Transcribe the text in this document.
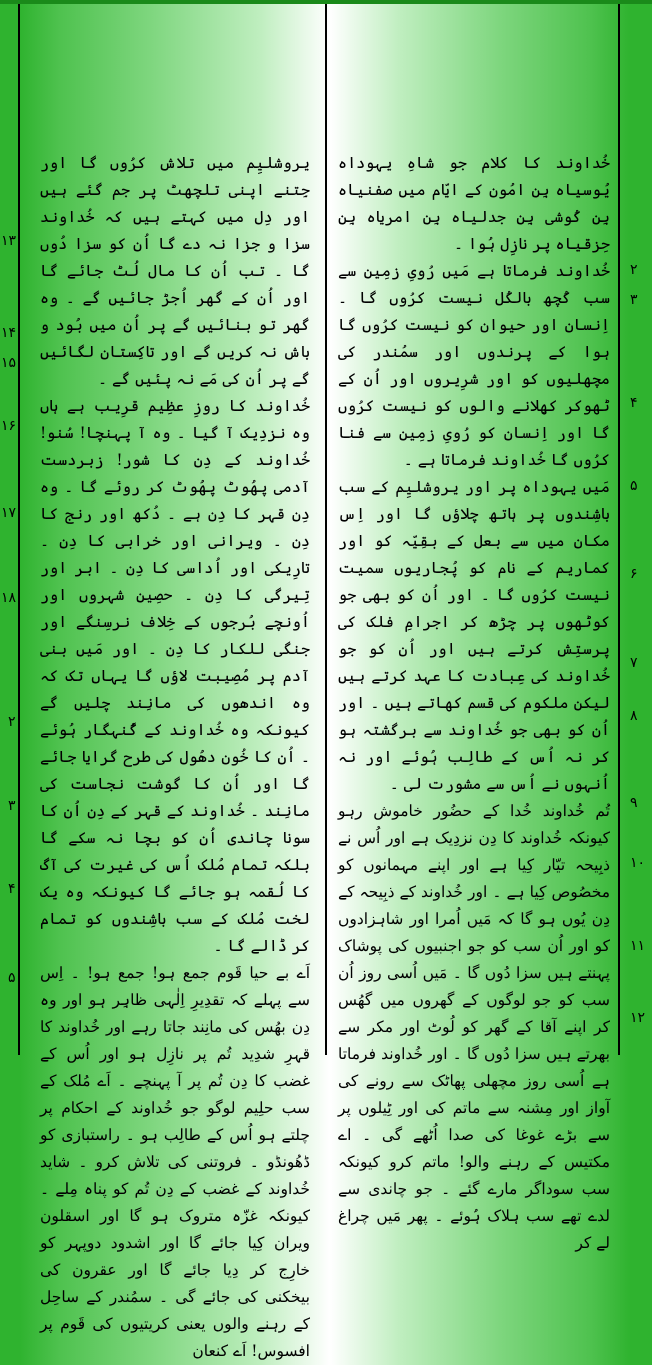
خُداوند کا کلام جو شاہِ یہوداہ یُوسیاہ بِن امُون کے ایّام میں صفنیاہ بِن کُوشی بِن جدلیاہ بِن امریاہ بِن حِزقیاہ پر نازِل ہُوا ۔

خُداوند فرماتا ہے مَیں رُویِ زمِین سے سب کُچھ بالکُل نیست کرُوں گا ۔ اِنسان اور حیوان کو نیست کرُوں گا ہوا کے پرندوں اور سمُندر کی مچھلیوں کو اور شرِیروں اور اُن کے ٹھوکر کھِلانے والوں کو نیست کرُوں گا اور اِنسان کو رُویِ زمِین سے فنا کرُوں گا خُداوند فرماتا ہے ۔

مَیں یہوداہ پر اور یروشلیِم کے سب باشِندوں پر ہاتھ چلاؤں گا اور اِس مکان میں سے بعل کے بقِیّہ کو اور کماریم کے نام کو پُجاریوں سمیت نیست کرُوں گا ۔ اور اُن کو بھی جو کوٹھوں پر چڑھ کر اجرامِ فلک کی پرستِش کرتے ہیں اور اُن کو جو خُداوند کی عِبادت کا عہد کرتے ہیں لیکن ملکوم کی قسم کھاتے ہیں ۔ اور اُن کو بھی جو خُداوند سے برگشتہ ہو کر نہ اُس کے طالِب ہُوئے اور نہ اُنہوں نے اُس سے مشورت لی ۔

تُم خُداوند خُدا کے حضُور خاموش رہو کیونکہ خُداوند کا دِن نزدِیک ہے اور اُس نے ذبِیحہ تیّار کِیا ہے اور اپنے مہمانوں کو مخصُوص کِیا ہے ۔ اور خُداوند کے ذبِیحہ کے دِن یُوں ہو گا کہ مَیں اُمرا اور شاہزادوں کو اور اُن سب کو جو اجنبیوں کی پوشاک پہنتے ہیں سزا دُوں گا ۔ مَیں اُسی روز اُن سب کو جو لوگوں کے گھروں میں گھُس کر اپنے آقا کے گھر کو لُوٹ اور مکر سے بھرتے ہیں سزا دُوں گا ۔ اور خُداوند فرماتا ہے اُسی روز مچھلی پھاٹک سے رونے کی آواز اور مِشنہ سے ماتم کی اور ٹِیلوں پر سے بڑے غوغا کی صدا اُٹھے گی ۔ اے مکتیس کے رہنے والو! ماتم کرو کیونکہ سب سوداگر مارے گئے ۔ جو چاندی سے لدے تھے سب ہلاک ہُوئے ۔ پھر مَیں چراغ لے کر

یروشلیِم میں تلاش کرُوں گا اور جِتنے اپنی تلچھٹ پر جم گئے ہیں اور دِل میں کہتے ہیں کہ خُداوند سزا و جزا نہ دے گا اُن کو سزا دُوں گا ۔ تب اُن کا مال لُٹ جائے گا اور اُن کے گھر اُجڑ جائیں گے ۔ وہ گھر تو بنائیں گے پر اُن میں بُود و باش نہ کریں گے اور تاکِستان لگائیں گے پر اُن کی مَے نہ پئیں گے ۔

خُداوند کا روزِ عظِیم قرِیب ہے ہاں وہ نزدِیک آ گیا ۔ وہ آ پہنچا! سُنو! خُداوند کے دِن کا شور! زبردست آدمی پھُوٹ پھُوٹ کر روئے گا ۔ وہ دِن قہر کا دِن ہے ۔ دُکھ اور رنج کا دِن ۔ ویرانی اور خرابی کا دِن ۔ تارِیکی اور اُداسی کا دِن ۔ ابر اور تِیرگی کا دِن ۔ حصِین شہروں اور اُونچے بُرجوں کے خِلاف نرسِنگے اور جنگی للکار کا دِن ۔ اور مَیں بنی آدم پر مُصِیبت لاؤں گا یہاں تک کہ وہ اندھوں کی مانِند چلیں گے کیونکہ وہ خُداوند کے گُنہگار ہُوئے ۔ اُن کا خُون دھُول کی طرح گرایا جائے گا اور اُن کا گوشت نجاست کی مانِند ۔ خُداوند کے قہر کے دِن اُن کا سونا چاندی اُن کو بچا نہ سکے گا بلکہ تمام مُلک اُس کی غیرت کی آگ کا لُقمہ ہو جائے گا کیونکہ وہ یک لخت مُلک کے سب باشِندوں کو تمام کر ڈالے گا ۔

اَے بے حیا قَوم جمع ہو! جمع ہو! ۔ اِس سے پہلے کہ تقدِیرِ اِلٰہی ظاہِر ہو اور وہ دِن بھُس کی مانِند جاتا رہے اور خُداوند کا قہرِ شدِید تُم پر نازِل ہو اور اُس کے غضب کا دِن تُم پر آ پہنچے ۔ اَے مُلک کے سب حلِیم لوگو جو خُداوند کے احکام پر چلتے ہو اُس کے طالِب ہو ۔ راستبازی کو ڈھُونڈو ۔ فروتنی کی تلاش کرو ۔ شاید خُداوند کے غضب کے دِن تُم کو پناہ مِلے ۔ کیونکہ غزّہ متروک ہو گا اور اسقلون ویران کِیا جائے گا اور اشدود دوپہر کو خارِج کر دِیا جائے گا اور عقرون کی بیخکنی کی جائے گی ۔ سمُندر کے ساحِل کے رہنے والوں یعنی کریتیوں کی قَوم پر افسوس! اَے کنعان

۲
۳
۴
۵
۶
۷
۸
۹
۱۰
۱۱
۱۲
۱۳
۱۴
۱۵
۱۶
۱۷
۱۸
۲
۳
۴
۵
